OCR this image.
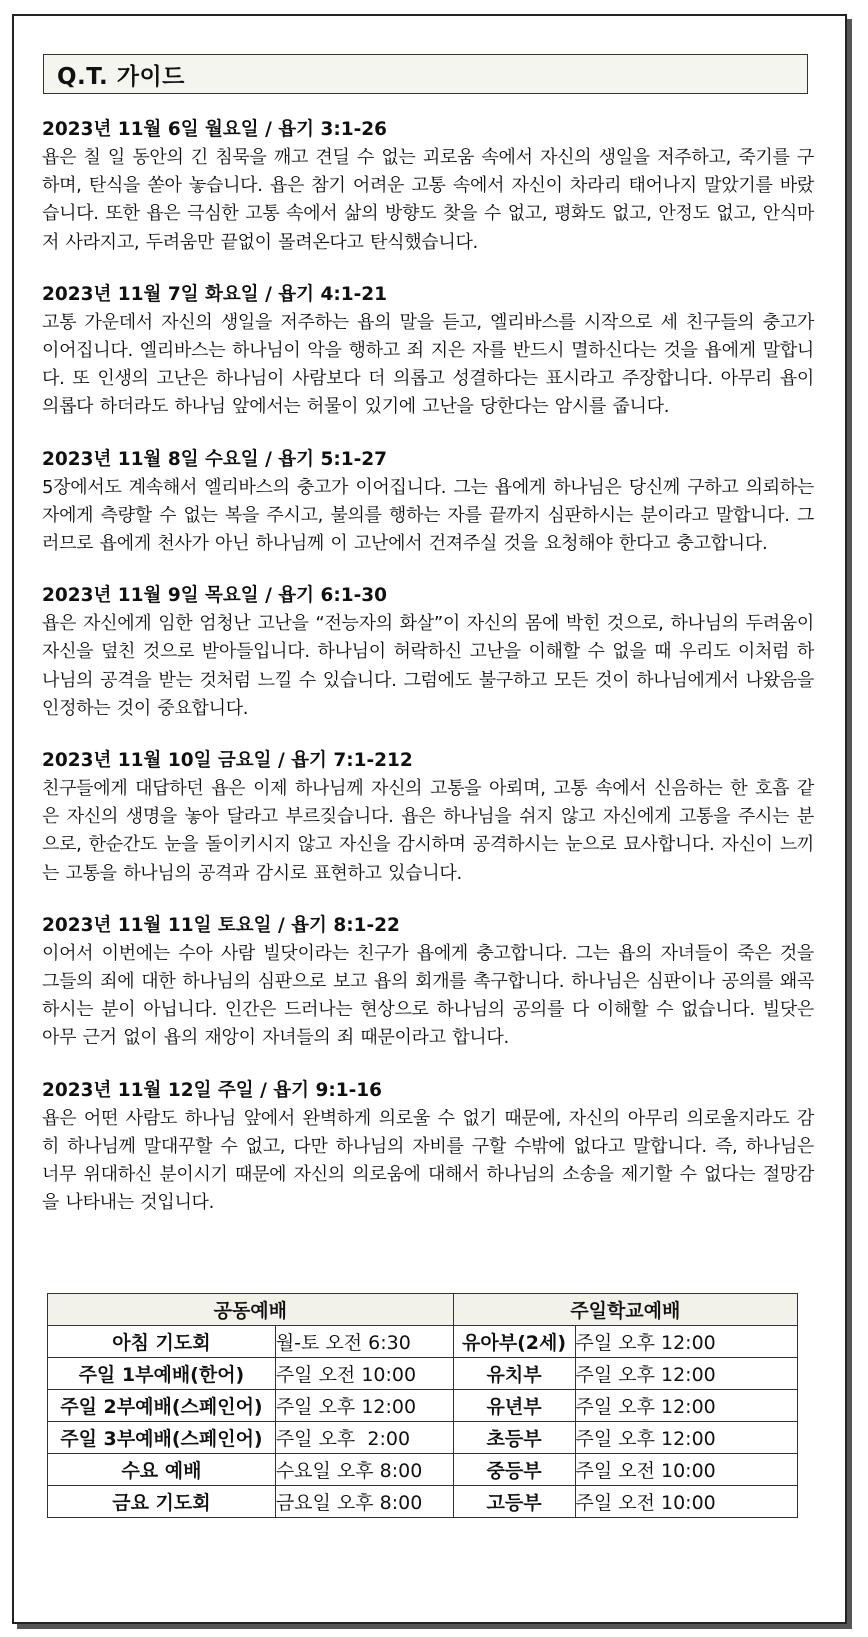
Q.T. 가이드
2023년 11월 6일 월요일 / 욥기 3:1-26
욥은 칠 일 동안의 긴 침묵을 깨고 견딜 수 없는 괴로움 속에서 자신의 생일을 저주하고, 죽기를 구하며, 탄식을 쏟아 놓습니다. 욥은 참기 어려운 고통 속에서 자신이 차라리 태어나지 말았기를 바랐습니다. 또한 욥은 극심한 고통 속에서 삶의 방향도 찾을 수 없고, 평화도 없고, 안정도 없고, 안식마저 사라지고, 두려움만 끝없이 몰려온다고 탄식했습니다.
2023년 11월 7일 화요일 / 욥기 4:1-21
고통 가운데서 자신의 생일을 저주하는 욥의 말을 듣고, 엘리바스를 시작으로 세 친구들의 충고가 이어집니다. 엘리바스는 하나님이 악을 행하고 죄 지은 자를 반드시 멸하신다는 것을 욥에게 말합니다. 또 인생의 고난은 하나님이 사람보다 더 의롭고 성결하다는 표시라고 주장합니다. 아무리 욥이 의롭다 하더라도 하나님 앞에서는 허물이 있기에 고난을 당한다는 암시를 줍니다.
2023년 11월 8일 수요일 / 욥기 5:1-27
5장에서도 계속해서 엘리바스의 충고가 이어집니다. 그는 욥에게 하나님은 당신께 구하고 의뢰하는 자에게 측량할 수 없는 복을 주시고, 불의를 행하는 자를 끝까지 심판하시는 분이라고 말합니다. 그러므로 욥에게 천사가 아닌 하나님께 이 고난에서 건져주실 것을 요청해야 한다고 충고합니다.
2023년 11월 9일 목요일 / 욥기 6:1-30
욥은 자신에게 임한 엄청난 고난을 “전능자의 화살”이 자신의 몸에 박힌 것으로, 하나님의 두려움이 자신을 덮친 것으로 받아들입니다. 하나님이 허락하신 고난을 이해할 수 없을 때 우리도 이처럼 하나님의 공격을 받는 것처럼 느낄 수 있습니다. 그럼에도 불구하고 모든 것이 하나님에게서 나왔음을 인정하는 것이 중요합니다.
2023년 11월 10일 금요일 / 욥기 7:1-212
친구들에게 대답하던 욥은 이제 하나님께 자신의 고통을 아뢰며, 고통 속에서 신음하는 한 호흡 같은 자신의 생명을 놓아 달라고 부르짖습니다. 욥은 하나님을 쉬지 않고 자신에게 고통을 주시는 분으로, 한순간도 눈을 돌이키시지 않고 자신을 감시하며 공격하시는 눈으로 묘사합니다. 자신이 느끼는 고통을 하나님의 공격과 감시로 표현하고 있습니다.
2023년 11월 11일 토요일 / 욥기 8:1-22
이어서 이번에는 수아 사람 빌닷이라는 친구가 욥에게 충고합니다. 그는 욥의 자녀들이 죽은 것을 그들의 죄에 대한 하나님의 심판으로 보고 욥의 회개를 촉구합니다. 하나님은 심판이나 공의를 왜곡하시는 분이 아닙니다. 인간은 드러나는 현상으로 하나님의 공의를 다 이해할 수 없습니다. 빌닷은 아무 근거 없이 욥의 재앙이 자녀들의 죄 때문이라고 합니다.
2023년 11월 12일 주일 / 욥기 9:1-16
욥은 어떤 사람도 하나님 앞에서 완벽하게 의로울 수 없기 때문에, 자신의 아무리 의로울지라도 감히 하나님께 말대꾸할 수 없고, 다만 하나님의 자비를 구할 수밖에 없다고 말합니다. 즉, 하나님은 너무 위대하신 분이시기 때문에 자신의 의로움에 대해서 하나님의 소송을 제기할 수 없다는 절망감을 나타내는 것입니다.
공동예배		주일학교예배	
아침 기도회	월-토 오전 6:30	유아부(2세)	주일 오후 12:00
주일 1부예배(한어)	주일 오전 10:00	유치부	주일 오후 12:00
주일 2부예배(스페인어)	주일 오후 12:00	유년부	주일 오후 12:00
주일 3부예배(스페인어)	주일 오후  2:00	초등부	주일 오후 12:00
수요 예배	수요일 오후 8:00	중등부	주일 오전 10:00
금요 기도회	금요일 오후 8:00	고등부	주일 오전 10:00
